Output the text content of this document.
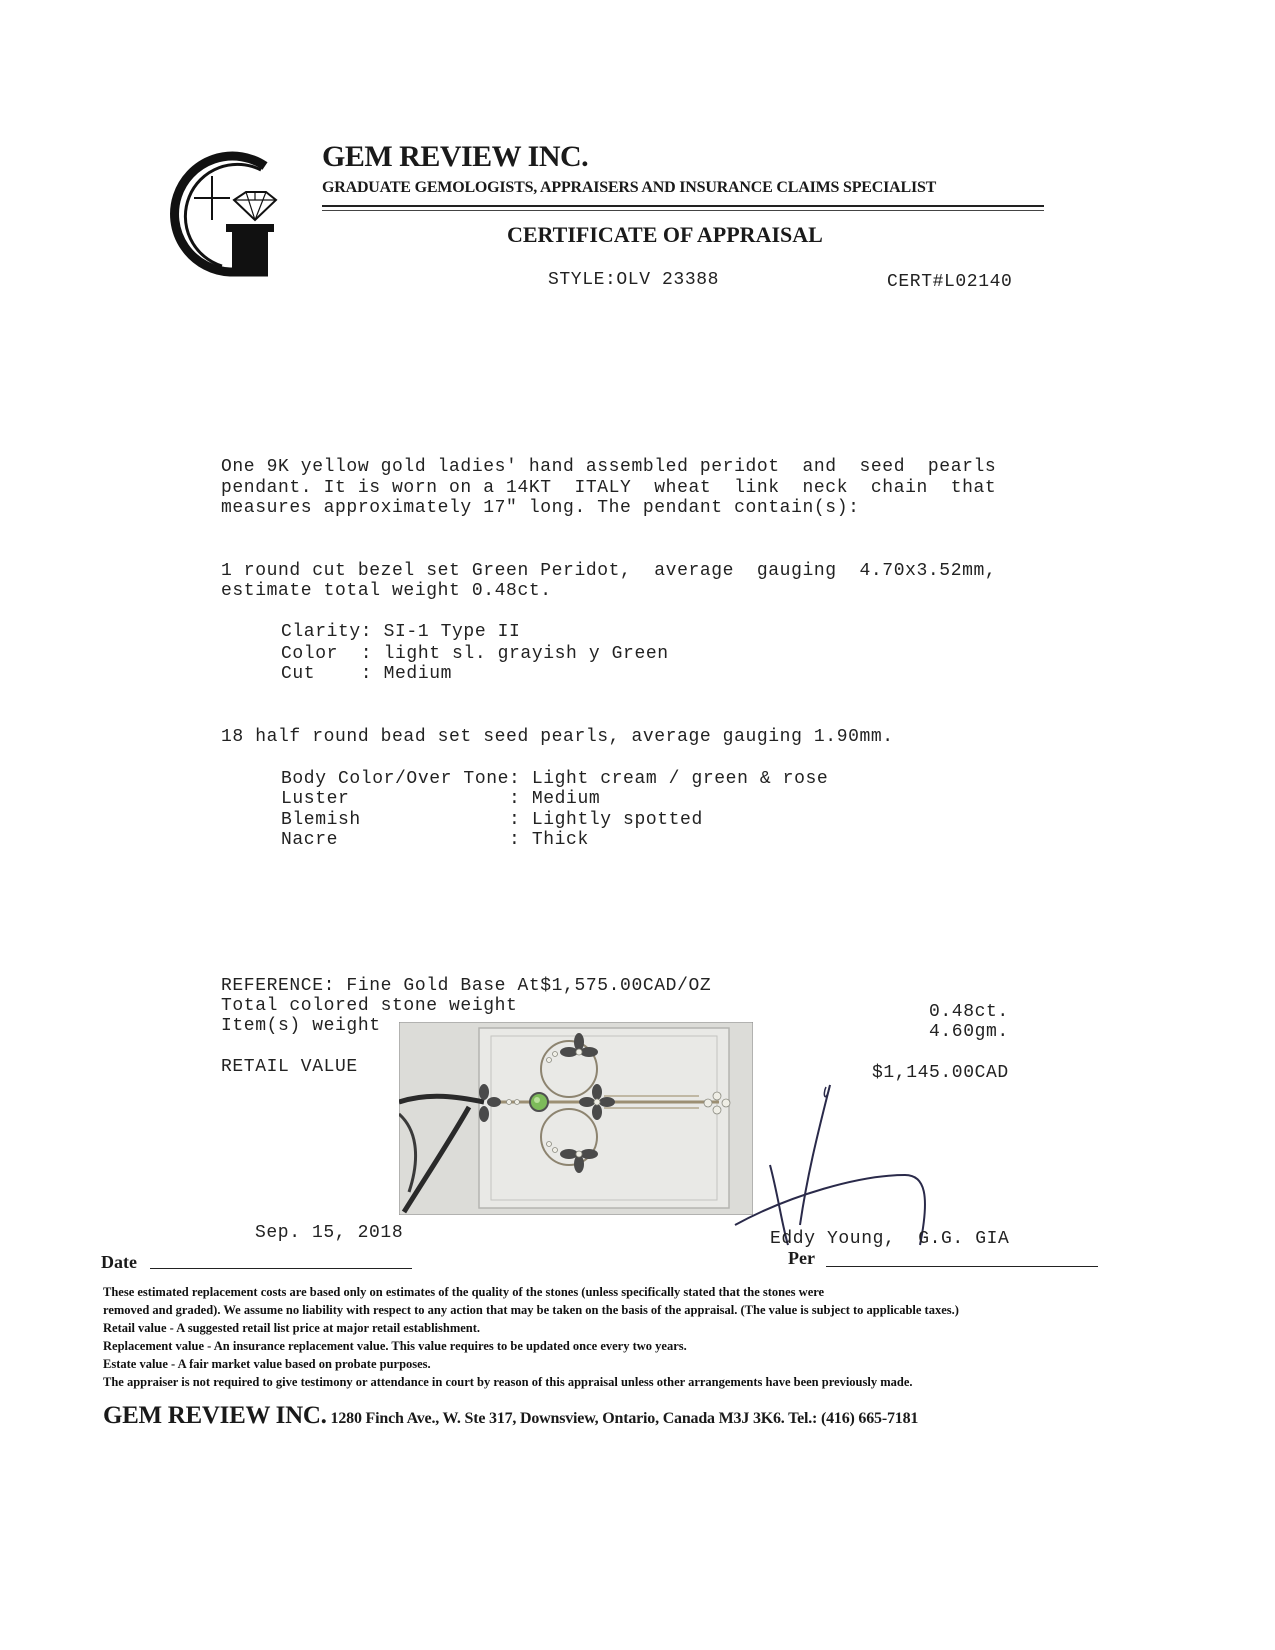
GEM REVIEW INC.
GRADUATE GEMOLOGISTS, APPRAISERS AND INSURANCE CLAIMS SPECIALIST
CERTIFICATE OF APPRAISAL
STYLE:OLV 23388	CERT#L02140
One 9K yellow gold ladies' hand assembled peridot  and  seed  pearls
pendant. It is worn on a 14KT  ITALY  wheat  link  neck  chain  that
measures approximately 17" long. The pendant contain(s):
1 round cut bezel set Green Peridot,  average  gauging  4.70x3.52mm,
estimate total weight 0.48ct.
Clarity: SI-1 Type II
Color  : light sl. grayish y Green
Cut    : Medium
18 half round bead set seed pearls, average gauging 1.90mm.
Body Color/Over Tone: Light cream / green & rose
Luster              : Medium
Blemish             : Lightly spotted
Nacre               : Thick
REFERENCE: Fine Gold Base At$1,575.00CAD/OZ
Total colored stone weight	0.48ct.
Item(s) weight	4.60gm.
RETAIL VALUE	$1,145.00CAD
Sep. 15, 2018	Eddy Young,  G.G. GIA
Date	Per
These estimated replacement costs are based only on estimates of the quality of the stones (unless specifically stated that the stones were
removed and graded). We assume no liability with respect to any action that may be taken on the basis of the appraisal. (The value is subject to applicable taxes.)
Retail value - A suggested retail list price at major retail establishment.
Replacement value - An insurance replacement value. This value requires to be updated once every two years.
Estate value - A fair market value based on probate purposes.
The appraiser is not required to give testimony or attendance in court by reason of this appraisal unless other arrangements have been previously made.
GEM REVIEW INC. 1280 Finch Ave., W. Ste 317, Downsview, Ontario, Canada M3J 3K6. Tel.: (416) 665-7181
